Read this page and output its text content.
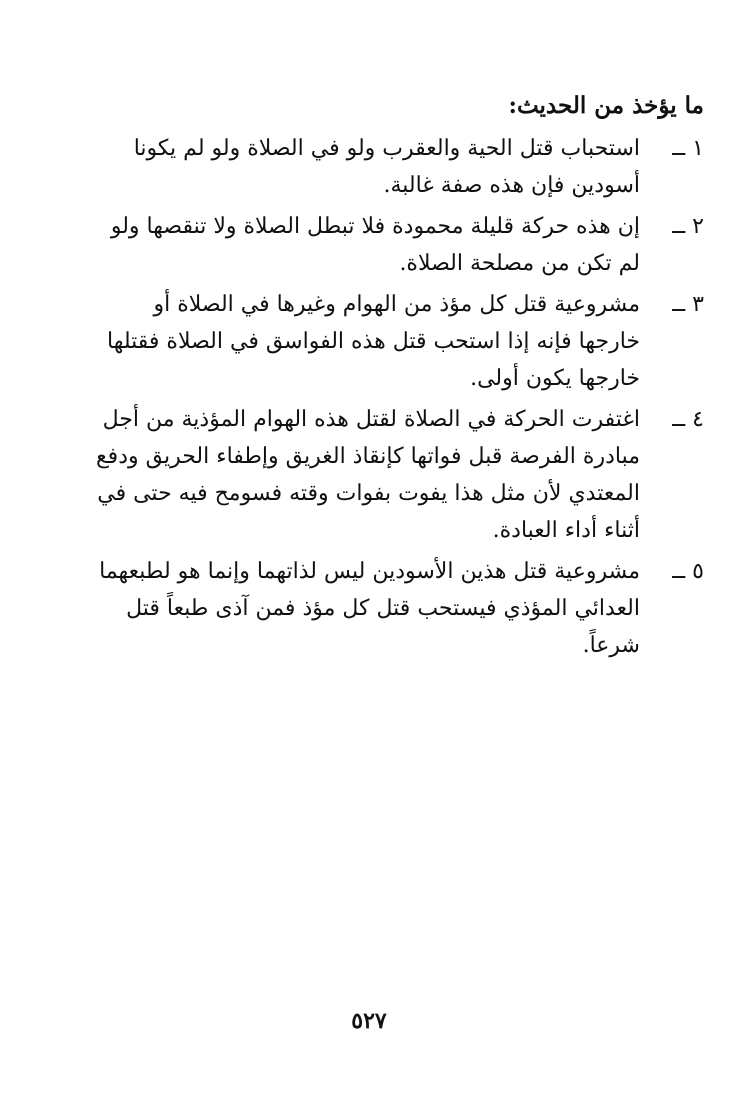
ما يؤخذ من الحديث:
١ ــ
استحباب قتل الحية والعقرب ولو في الصلاة ولو لم يكونا أسودين فإن هذه صفة غالبة.
٢ ــ
إن هذه حركة قليلة محمودة فلا تبطل الصلاة ولا تنقصها ولو لم تكن من مصلحة الصلاة.
٣ ــ
مشروعية قتل كل مؤذ من الهوام وغيرها في الصلاة أو خارجها فإنه إذا استحب قتل هذه الفواسق في الصلاة فقتلها خارجها يكون أولى.
٤ ــ
اغتفرت الحركة في الصلاة لقتل هذه الهوام المؤذية من أجل مبادرة الفرصة قبل فواتها كإنقاذ الغريق وإطفاء الحريق ودفع المعتدي لأن مثل هذا يفوت بفوات وقته فسومح فيه حتى في أثناء أداء العبادة.
٥ ــ
مشروعية قتل هذين الأسودين ليس لذاتهما وإنما هو لطبعهما العدائي المؤذي فيستحب قتل كل مؤذ فمن آذى طبعاً قتل شرعاً.
٥٢٧
